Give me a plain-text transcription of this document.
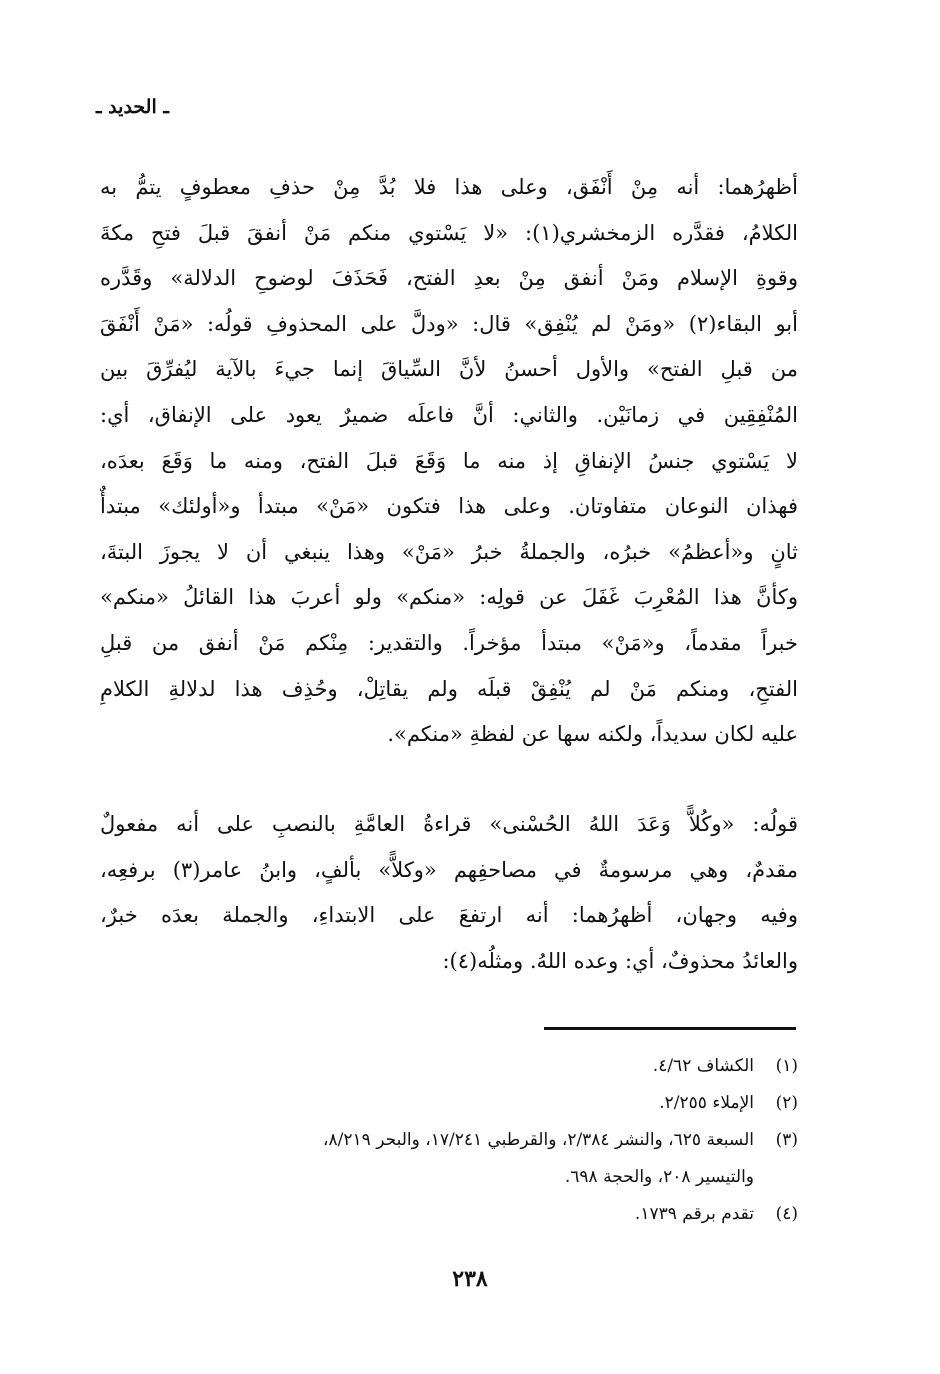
ـ الحديد ـ
أظهرُهما: أنه مِنْ أَنْفَق، وعلى هذا فلا بُدَّ مِنْ حذفِ معطوفٍ يتمُّ به
الكلامُ، فقدَّره الزمخشري(١): «لا يَسْتوي منكم مَنْ أنفقَ قبلَ فتحِ مكةَ
وقوةِ الإسلام ومَنْ أنفق مِنْ بعدِ الفتح، فَحَذَفَ لوضوحِ الدلالة» وقَدَّره
أبو البقاء(٢) «ومَنْ لم يُنْفِق» قال: «ودلَّ على المحذوفِ قولُه: «مَنْ أَنْفَقَ
من قبلِ الفتح» والأول أحسنُ لأنَّ السِّياقَ إنما جيءَ بالآية ليُفرِّقَ بين
المُنْفِقِين في زمانَيْن. والثاني: أنَّ فاعلَه ضميرٌ يعود على الإنفاق، أي:
لا يَسْتوي جنسُ الإنفاقِ إذ منه ما وَقَعَ قبلَ الفتح، ومنه ما وَقَعَ بعدَه،
فهذان النوعان متفاوتان. وعلى هذا فتكون «مَنْ» مبتدأ و«أولئك» مبتدأٌ
ثانٍ و«أعظمُ» خبرُه، والجملةُ خبرُ «مَنْ» وهذا ينبغي أن لا يجوزَ البتةَ،
وكأنَّ هذا المُعْرِبَ غَفَلَ عن قولِه: «منكم» ولو أعربَ هذا القائلُ «منكم»
خبراً مقدماً، و«مَنْ» مبتدأ مؤخراً. والتقدير: مِنْكم مَنْ أنفق من قبلِ
الفتحِ، ومنكم مَنْ لم يُنْفِقْ قبلَه ولم يقاتِلْ، وحُذِف هذا لدلالةِ الكلامِ
عليه لكان سديداً، ولكنه سها عن لفظةِ «منكم».
قولُه: «وكُلاًّ وَعَدَ اللهُ الحُسْنى» قراءةُ العامَّةِ بالنصبِ على أنه مفعولٌ
مقدمٌ، وهي مرسومةٌ في مصاحفِهم «وكلاًّ» بألفٍ، وابنُ عامر(٣) برفعِه،
وفيه وجهان، أظهرُهما: أنه ارتفعَ على الابتداءِ، والجملة بعدَه خبرٌ،
والعائدُ محذوفٌ، أي: وعده اللهُ. ومثلُه(٤):
(١)الكشاف ٤/٦٢.
(٢)الإملاء ٢/٢٥٥.
(٣)السبعة ٦٢٥، والنشر ٢/٣٨٤، والقرطبي ١٧/٢٤١، والبحر ٨/٢١٩،
والتيسير ٢٠٨، والحجة ٦٩٨.
(٤)تقدم برقم ١٧٣٩.
٢٣٨
